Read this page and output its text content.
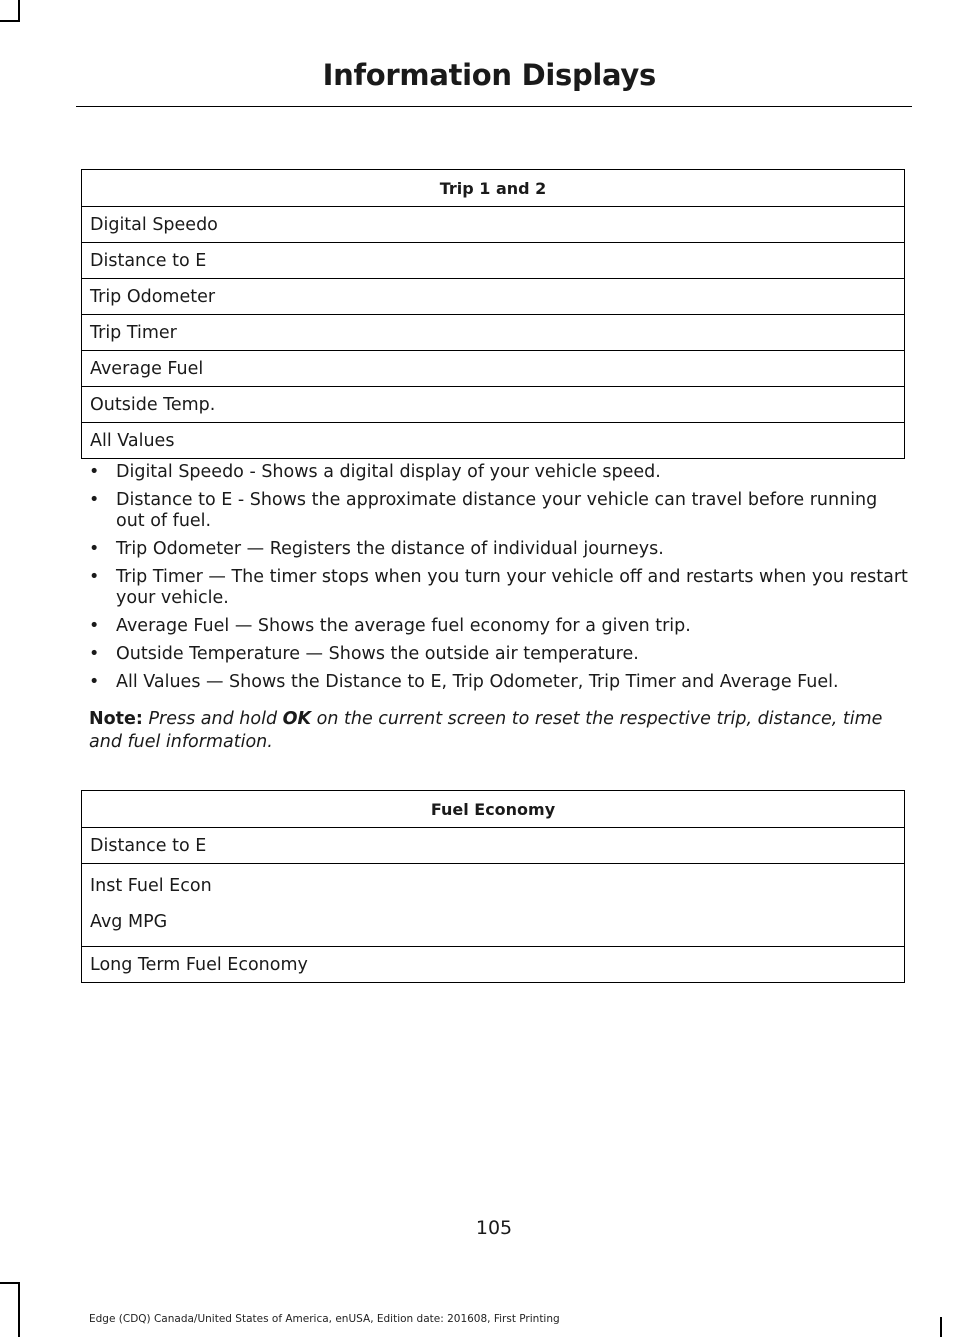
Information Displays
Trip 1 and 2
Digital Speedo
Distance to E
Trip Odometer
Trip Timer
Average Fuel
Outside Temp.
All Values
• Digital Speedo - Shows a digital display of your vehicle speed.
• Distance to E - Shows the approximate distance your vehicle can travel before running out of fuel.
• Trip Odometer — Registers the distance of individual journeys.
• Trip Timer — The timer stops when you turn your vehicle off and restarts when you restart your vehicle.
• Average Fuel — Shows the average fuel economy for a given trip.
• Outside Temperature — Shows the outside air temperature.
• All Values — Shows the Distance to E, Trip Odometer, Trip Timer and Average Fuel.

Note: Press and hold OK on the current screen to reset the respective trip, distance, time and fuel information.

Fuel Economy
Distance to E

Inst Fuel Econ
Avg MPG

Long Term Fuel Economy
105
Edge (CDQ) Canada/United States of America, enUSA, Edition date: 201608, First Printing
